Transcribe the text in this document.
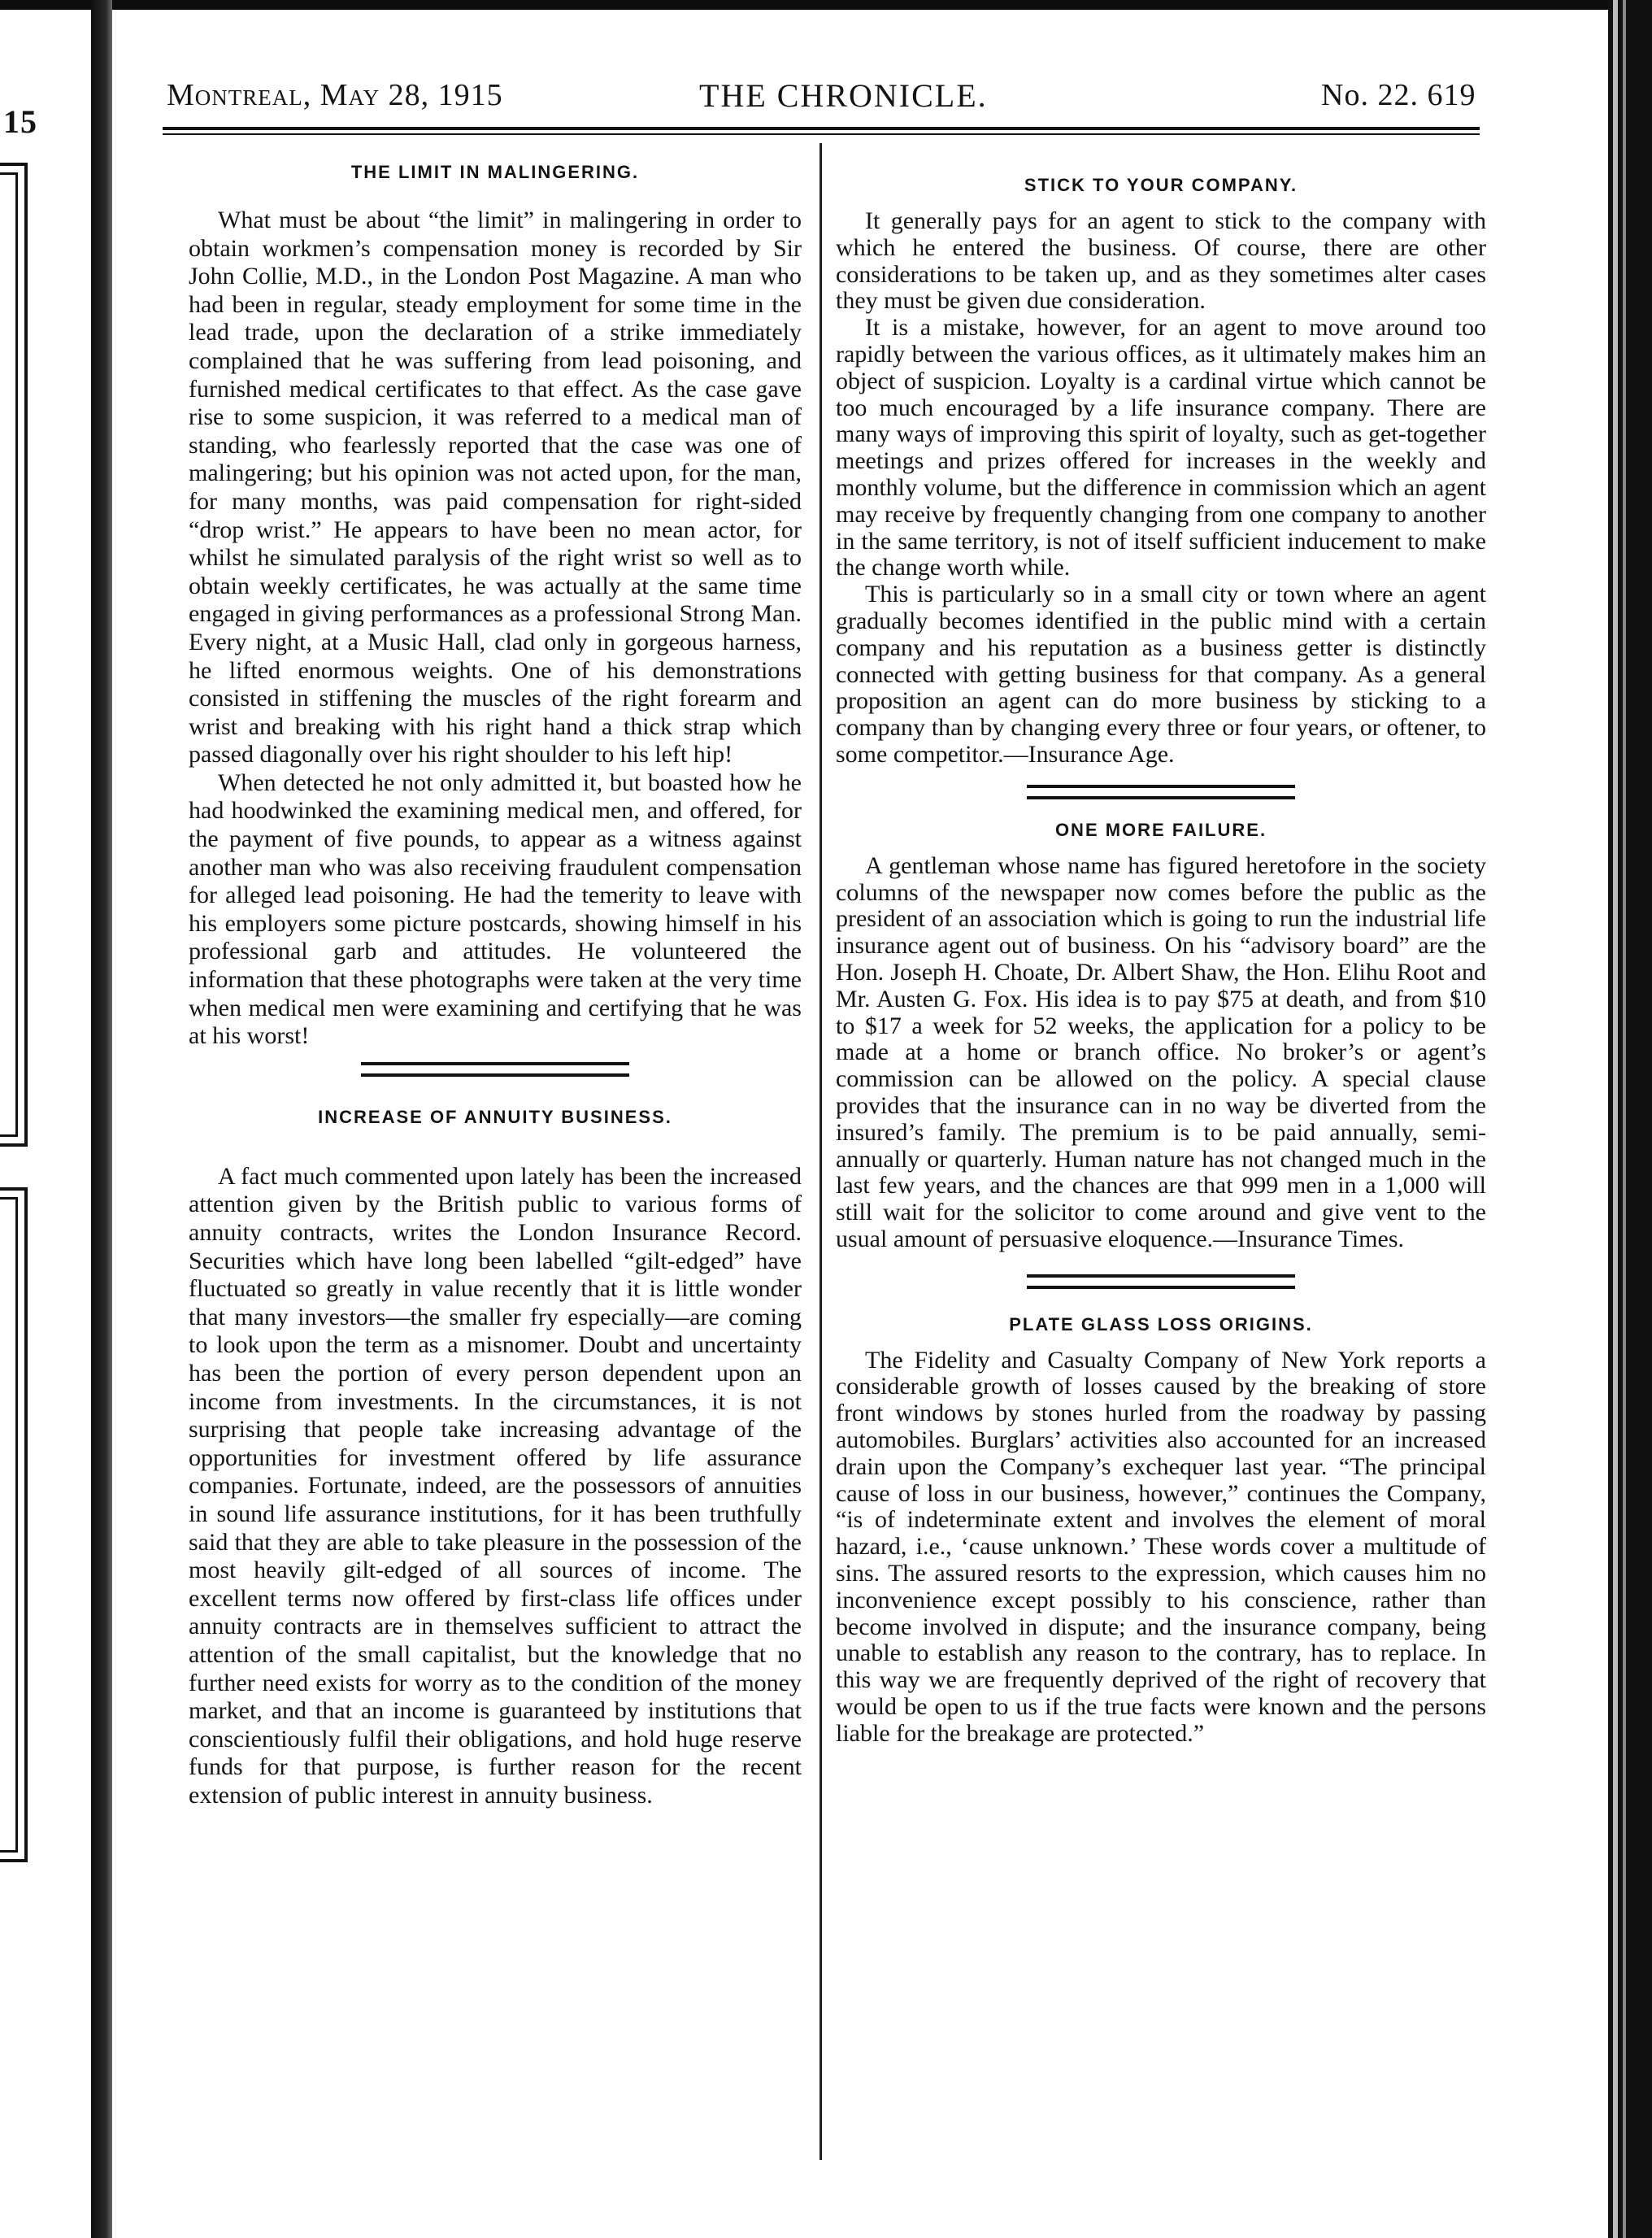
15
Montreal, May 28, 1915	THE CHRONICLE.	No. 22. 619
THE LIMIT IN MALINGERING.

What must be about “the limit” in malingering in order to obtain workmen’s compensation money is recorded by Sir John Collie, M.D., in the London Post Magazine. A man who had been in regular, steady employment for some time in the lead trade, upon the declaration of a strike immediately complained that he was suffering from lead poisoning, and furnished medical certificates to that effect. As the case gave rise to some suspicion, it was referred to a medical man of standing, who fearlessly reported that the case was one of malingering; but his opinion was not acted upon, for the man, for many months, was paid compensation for right-sided “drop wrist.” He appears to have been no mean actor, for whilst he simulated paralysis of the right wrist so well as to obtain weekly certificates, he was actually at the same time engaged in giving performances as a professional Strong Man. Every night, at a Music Hall, clad only in gorgeous harness, he lifted enormous weights. One of his demonstrations consisted in stiffening the muscles of the right forearm and wrist and breaking with his right hand a thick strap which passed diagonally over his right shoulder to his left hip!

When detected he not only admitted it, but boasted how he had hoodwinked the examining medical men, and offered, for the payment of five pounds, to appear as a witness against another man who was also receiving fraudulent compensation for alleged lead poisoning. He had the temerity to leave with his employers some picture postcards, showing himself in his professional garb and attitudes. He volunteered the information that these photographs were taken at the very time when medical men were examining and certifying that he was at his worst!

INCREASE OF ANNUITY BUSINESS.

A fact much commented upon lately has been the increased attention given by the British public to various forms of annuity contracts, writes the London Insurance Record. Securities which have long been labelled “gilt-edged” have fluctuated so greatly in value recently that it is little wonder that many investors—the smaller fry especially—are coming to look upon the term as a misnomer. Doubt and uncertainty has been the portion of every person dependent upon an income from investments. In the circumstances, it is not surprising that people take increasing advantage of the opportunities for investment offered by life assurance companies. Fortunate, indeed, are the possessors of annuities in sound life assurance institutions, for it has been truthfully said that they are able to take pleasure in the possession of the most heavily gilt-edged of all sources of income. The excellent terms now offered by first-class life offices under annuity contracts are in themselves sufficient to attract the attention of the small capitalist, but the knowledge that no further need exists for worry as to the condition of the money market, and that an income is guaranteed by institutions that conscientiously fulfil their obligations, and hold huge reserve funds for that purpose, is further reason for the recent extension of public interest in annuity business.

STICK TO YOUR COMPANY.

It generally pays for an agent to stick to the company with which he entered the business. Of course, there are other considerations to be taken up, and as they sometimes alter cases they must be given due consideration.

It is a mistake, however, for an agent to move around too rapidly between the various offices, as it ultimately makes him an object of suspicion. Loyalty is a cardinal virtue which cannot be too much encouraged by a life insurance company. There are many ways of improving this spirit of loyalty, such as get-together meetings and prizes offered for increases in the weekly and monthly volume, but the difference in commission which an agent may receive by frequently changing from one company to another in the same territory, is not of itself sufficient inducement to make the change worth while.

This is particularly so in a small city or town where an agent gradually becomes identified in the public mind with a certain company and his reputation as a business getter is distinctly connected with getting business for that company. As a general proposition an agent can do more business by sticking to a company than by changing every three or four years, or oftener, to some competitor.—Insurance Age.

ONE MORE FAILURE.

A gentleman whose name has figured heretofore in the society columns of the newspaper now comes before the public as the president of an association which is going to run the industrial life insurance agent out of business. On his “advisory board” are the Hon. Joseph H. Choate, Dr. Albert Shaw, the Hon. Elihu Root and Mr. Austen G. Fox. His idea is to pay $75 at death, and from $10 to $17 a week for 52 weeks, the application for a policy to be made at a home or branch office. No broker’s or agent’s commission can be allowed on the policy. A special clause provides that the insurance can in no way be diverted from the insured’s family. The premium is to be paid annually, semi-annually or quarterly. Human nature has not changed much in the last few years, and the chances are that 999 men in a 1,000 will still wait for the solicitor to come around and give vent to the usual amount of persuasive eloquence.—Insurance Times.

PLATE GLASS LOSS ORIGINS.

The Fidelity and Casualty Company of New York reports a considerable growth of losses caused by the breaking of store front windows by stones hurled from the roadway by passing automobiles. Burglars’ activities also accounted for an increased drain upon the Company’s exchequer last year. “The principal cause of loss in our business, however,” continues the Company, “is of indeterminate extent and involves the element of moral hazard, i.e., ‘cause unknown.’ These words cover a multitude of sins. The assured resorts to the expression, which causes him no inconvenience except possibly to his conscience, rather than become involved in dispute; and the insurance company, being unable to establish any reason to the contrary, has to replace. In this way we are frequently deprived of the right of recovery that would be open to us if the true facts were known and the persons liable for the breakage are protected.”
